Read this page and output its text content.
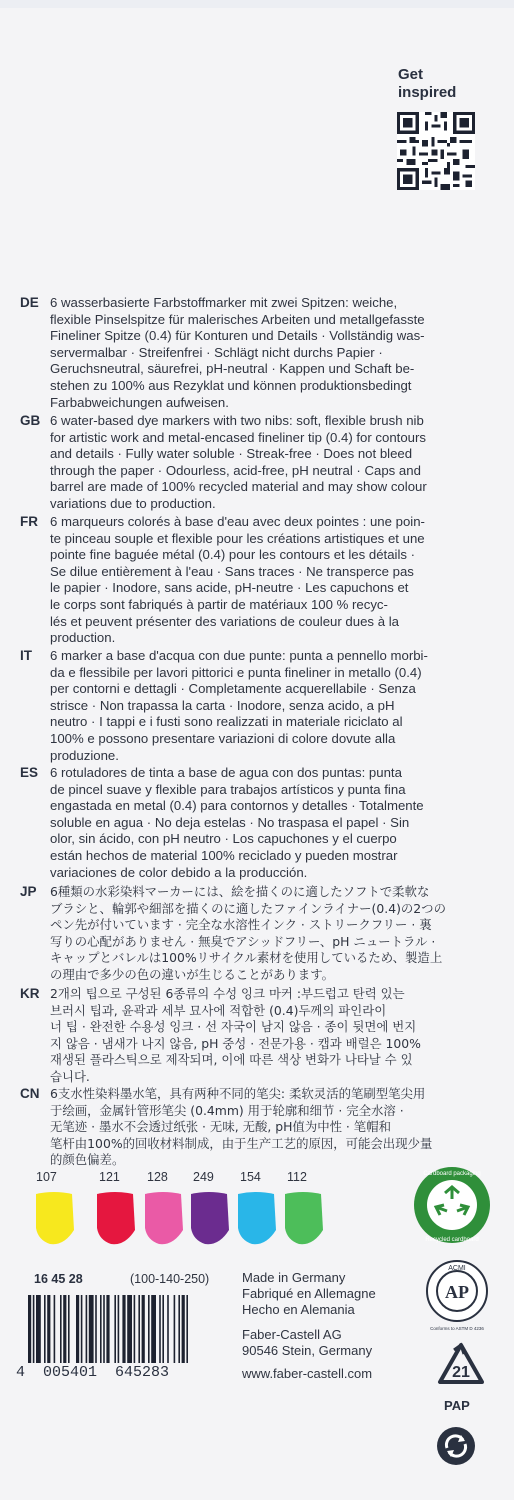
Get
inspired
DE 6 wasserbasierte Farbstoffmarker mit zwei Spitzen: weiche,
flexible Pinselspitze für malerisches Arbeiten und metallgefasste
Fineliner Spitze (0.4) für Konturen und Details · Vollständig was-
servermalbar · Streifenfrei · Schlägt nicht durchs Papier ·
Geruchsneutral, säurefrei, pH-neutral · Kappen und Schaft be-
stehen zu 100% aus Rezyklat und können produktionsbedingt
Farbabweichungen aufweisen.
GB 6 water-based dye markers with two nibs: soft, flexible brush nib
for artistic work and metal-encased fineliner tip (0.4) for contours
and details · Fully water soluble · Streak-free · Does not bleed
through the paper · Odourless, acid-free, pH neutral · Caps and
barrel are made of 100% recycled material and may show colour
variations due to production.
FR 6 marqueurs colorés à base d'eau avec deux pointes : une poin-
te pinceau souple et flexible pour les créations artistiques et une
pointe fine baguée métal (0.4) pour les contours et les détails ·
Se dilue entièrement à l'eau · Sans traces · Ne transperce pas
le papier · Inodore, sans acide, pH-neutre · Les capuchons et
le corps sont fabriqués à partir de matériaux 100 % recyc-
lés et peuvent présenter des variations de couleur dues à la
production.
IT 6 marker a base d'acqua con due punte: punta a pennello morbi-
da e flessibile per lavori pittorici e punta fineliner in metallo (0.4)
per contorni e dettagli · Completamente acquerellabile · Senza
strisce · Non trapassa la carta · Inodore, senza acido, a pH
neutro · I tappi e i fusti sono realizzati in materiale riciclato al
100% e possono presentare variazioni di colore dovute alla
produzione.
ES 6 rotuladores de tinta a base de agua con dos puntas: punta
de pincel suave y flexible para trabajos artísticos y punta fina
engastada en metal (0.4) para contornos y detalles · Totalmente
soluble en agua · No deja estelas · No traspasa el papel · Sin
olor, sin ácido, con pH neutro · Los capuchones y el cuerpo
están hechos de material 100% reciclado y pueden mostrar
variaciones de color debido a la producción.
JP 6種類の水彩染料マーカーには、絵を描くのに適したソフトで柔軟な
ブラシと、輪郭や細部を描くのに適したファインライナー(0.4)の2つの
ペン先が付いています · 完全な水溶性インク · ストリークフリー · 裏
写りの心配がありません · 無臭でアシッドフリー、pH ニュートラル ·
キャップとバレルは100%リサイクル素材を使用しているため、製造上
の理由で多少の色の違いが生じることがあります。
KR 2개의 팁으로 구성된 6종류의 수성 잉크 마커 :부드럽고 탄력 있는
브러시 팁과, 윤곽과 세부 묘사에 적합한 (0.4)두께의 파인라이
너 팁 · 완전한 수용성 잉크 · 선 자국이 남지 않음 · 종이 뒷면에 번지
지 않음 · 냄새가 나지 않음, pH 중성 · 전문가용 · 캡과 배럴은 100%
재생된 플라스틱으로 제작되며, 이에 따른 색상 변화가 나타날 수 있
습니다.
CN 6支水性染料墨水笔，具有两种不同的笔尖: 柔软灵活的笔刷型笔尖用
于绘画，金属针管形笔尖 (0.4mm) 用于轮廓和细节 · 完全水溶 ·
无笔迹 · 墨水不会透过纸张 · 无味, 无酸, pH值为中性 · 笔帽和
笔杆由100%的回收材料制成，由于生产工艺的原因，可能会出现少量
的颜色偏差。
107	121 128 249 154 112	Cardboard packaging
Recycled cardboard
ACMI
AP
Conforms to ASTM D 4236
16 45 28	(100-140-250)	Made in Germany
Fabriqué en Allemagne
Hecho en Alemania
Faber-Castell AG
90546 Stein, Germany
www.faber-castell.com
4  005401  645283	21
PAP
